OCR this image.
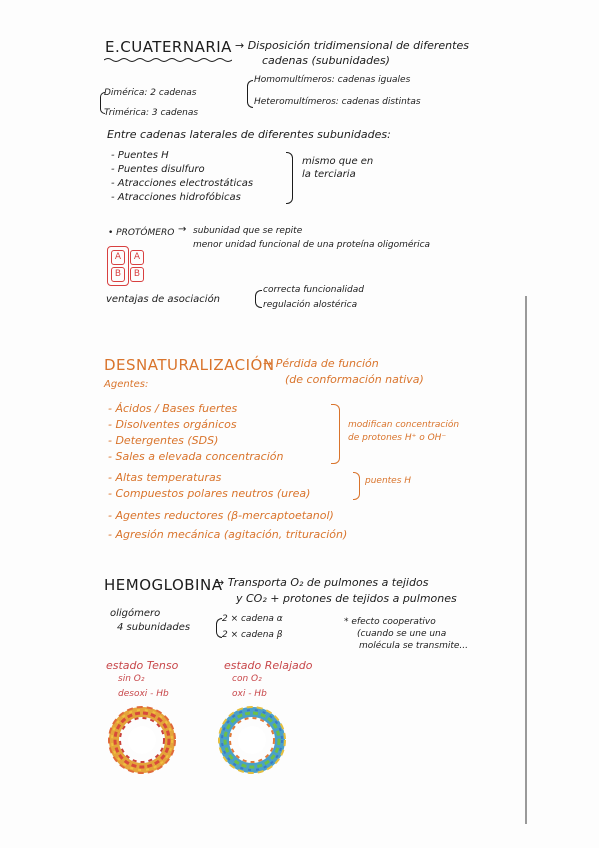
E.CUATERNARIA → Disposición tridimensional de diferentes
cadenas (subunidades)
Dimérica: 2 cadenas
Trimérica: 3 cadenas
Homomultímeros: cadenas iguales
Heteromultímeros: cadenas distintas
Entre cadenas laterales de diferentes subunidades:
- Puentes H
- Puentes disulfuro
- Atracciones electrostáticas
- Atracciones hidrofóbicas
mismo que en
la terciaria
• PROTÓMERO → subunidad que se repite
menor unidad funcional de una proteína oligomérica
A	A
B	B
ventajas de asociación
correcta funcionalidad
regulación alostérica
DESNATURALIZACIÓN
→ Pérdida de función
(de conformación nativa)
Agentes:
- Ácidos / Bases fuertes
- Disolventes orgánicos
- Detergentes (SDS)
- Sales a elevada concentración
modifican concentración
de protones H⁺ o OH⁻
- Altas temperaturas
- Compuestos polares neutros (urea)
puentes H
- Agentes reductores (β-mercaptoetanol)
- Agresión mecánica (agitación, trituración)
HEMOGLOBINA
→ Transporta O₂ de pulmones a tejidos
y CO₂ + protones de tejidos a pulmones
oligómero
4 subunidades
2 × cadena α
2 × cadena β
* efecto cooperativo
(cuando se une una
molécula se transmite...
estado Tenso
sin O₂
desoxi - Hb
estado Relajado
con O₂
oxi - Hb
